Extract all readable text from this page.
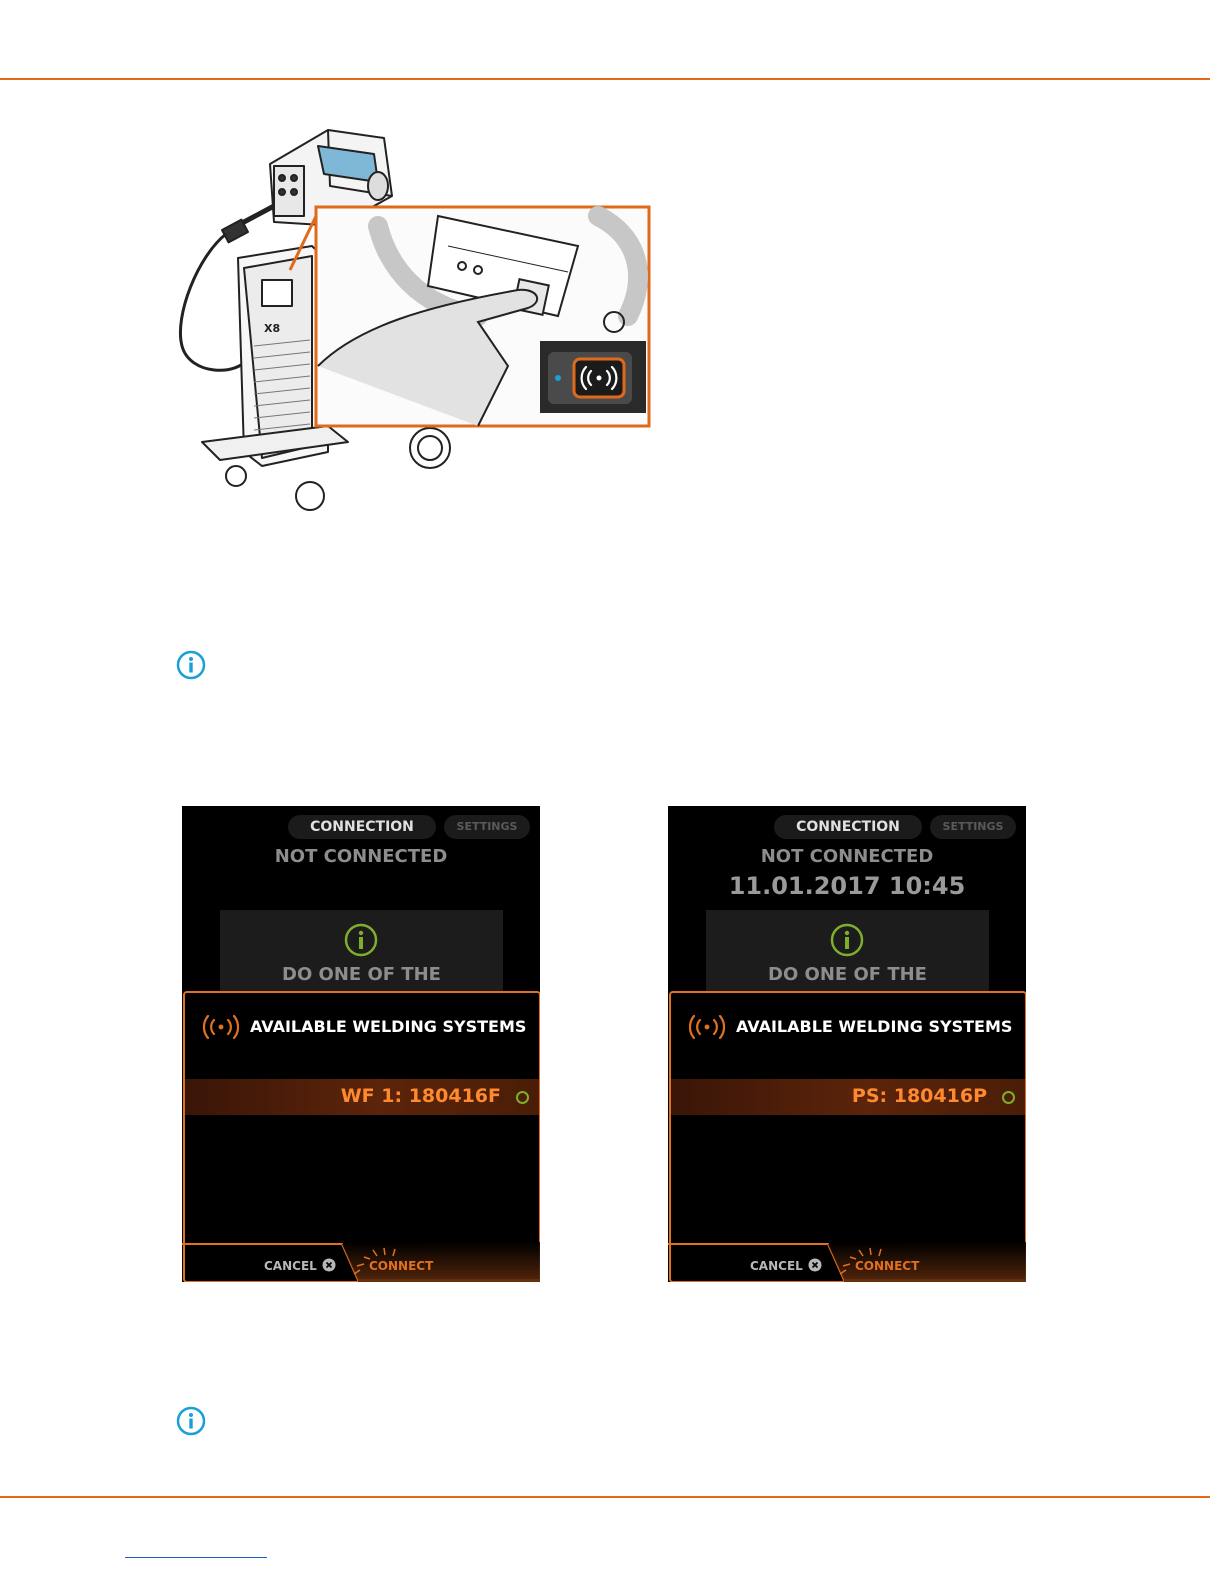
X8
CONNECTION	SETTINGS
NOT CONNECTED
DO ONE OF THE
AVAILABLE WELDING SYSTEMS
WF 1: 180416F
CANCEL	CONNECT
CONNECTION	SETTINGS
NOT CONNECTED
11.01.2017 10:45
DO ONE OF THE
AVAILABLE WELDING SYSTEMS
PS: 180416P
CANCEL	CONNECT
